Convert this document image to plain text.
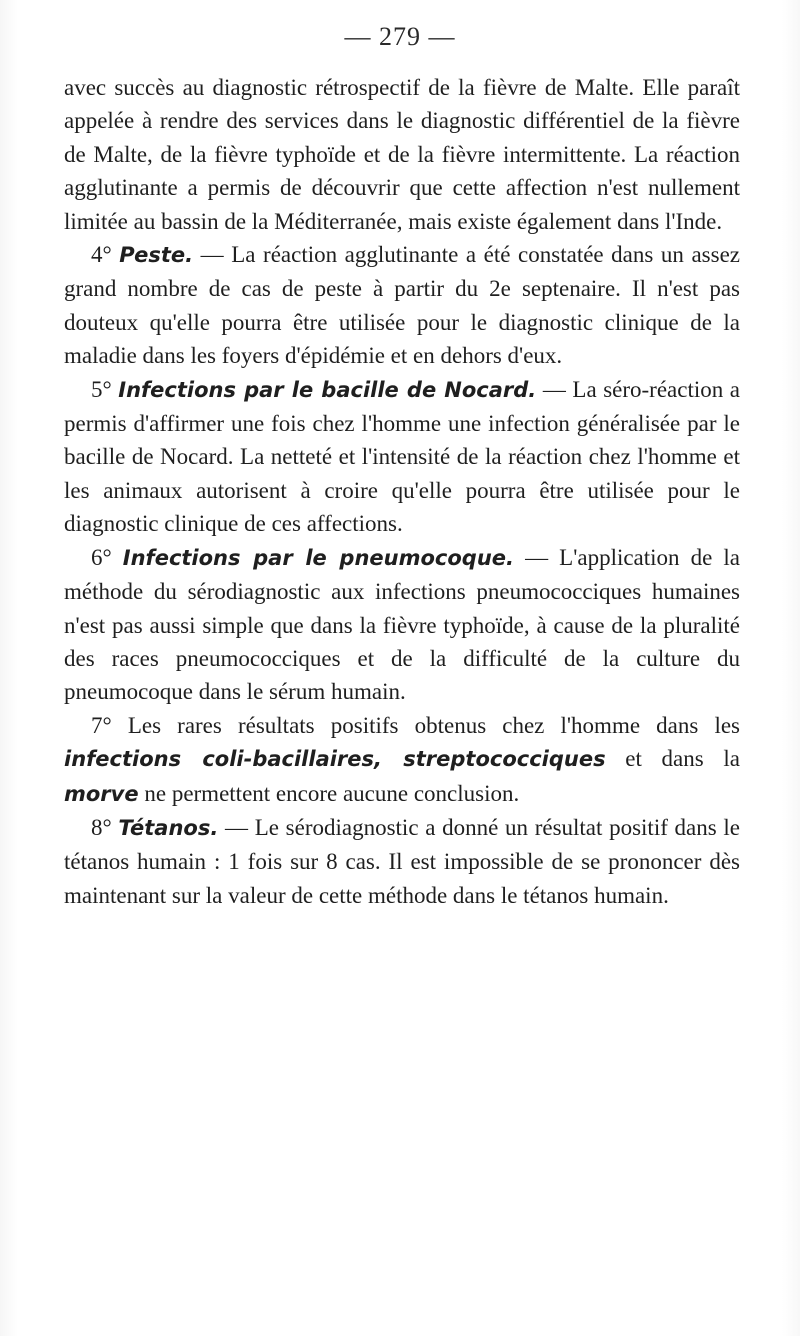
— 279 —

avec succès au diagnostic rétrospectif de la fièvre de Malte. Elle paraît appelée à rendre des services dans le diagnostic différentiel de la fièvre de Malte, de la fièvre typhoïde et de la fièvre intermittente. La réaction agglutinante a permis de découvrir que cette affection n'est nullement limitée au bassin de la Méditerranée, mais existe également dans l'Inde.

4° Peste. — La réaction agglutinante a été constatée dans un assez grand nombre de cas de peste à partir du 2e septenaire. Il n'est pas douteux qu'elle pourra être utilisée pour le diagnostic clinique de la maladie dans les foyers d'épidémie et en dehors d'eux.

5° Infections par le bacille de Nocard. — La séro-réaction a permis d'affirmer une fois chez l'homme une infection généralisée par le bacille de Nocard. La netteté et l'intensité de la réaction chez l'homme et les animaux autorisent à croire qu'elle pourra être utilisée pour le diagnostic clinique de ces affections.

6° Infections par le pneumocoque. — L'application de la méthode du sérodiagnostic aux infections pneumococciques humaines n'est pas aussi simple que dans la fièvre typhoïde, à cause de la pluralité des races pneumococciques et de la difficulté de la culture du pneumocoque dans le sérum humain.

7° Les rares résultats positifs obtenus chez l'homme dans les infections coli-bacillaires, streptococciques et dans la morve ne permettent encore aucune conclusion.

8° Tétanos. — Le sérodiagnostic a donné un résultat positif dans le tétanos humain : 1 fois sur 8 cas. Il est impossible de se prononcer dès maintenant sur la valeur de cette méthode dans le tétanos humain.
